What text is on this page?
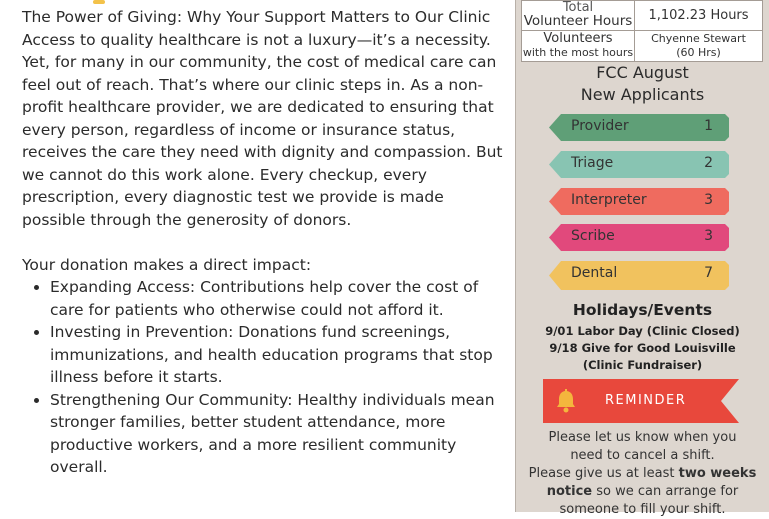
The Power of Giving: Why Your Support Matters to Our Clinic

Access to quality healthcare is not a luxury—it’s a necessity. Yet, for many in our community, the cost of medical care can feel out of reach. That’s where our clinic steps in. As a non-profit healthcare provider, we are dedicated to ensuring that every person, regardless of income or insurance status, receives the care they need with dignity and compassion. But we cannot do this work alone. Every checkup, every prescription, every diagnostic test we provide is made possible through the generosity of donors.

Your donation makes a direct impact:

• Expanding Access: Contributions help cover the cost of care for patients who otherwise could not afford it.
• Investing in Prevention: Donations fund screenings, immunizations, and health education programs that stop illness before it starts.
• Strengthening Our Community: Healthy individuals mean stronger families, better student attendance, more productive workers, and a more resilient community overall.
Total
Volunteer Hours	1,102.23 Hours
Volunteers
with the most hours	Chyenne Stewart
(60 Hrs)
FCC August
New Applicants
Provider	1
Triage	2
Interpreter	3
Scribe	3
Dental	7
Holidays/Events
9/01 Labor Day (Clinic Closed)
9/18 Give for Good Louisville
(Clinic Fundraiser)
REMINDER
Please let us know when you
need to cancel a shift.
Please give us at least two weeks
notice so we can arrange for
someone to fill your shift.
